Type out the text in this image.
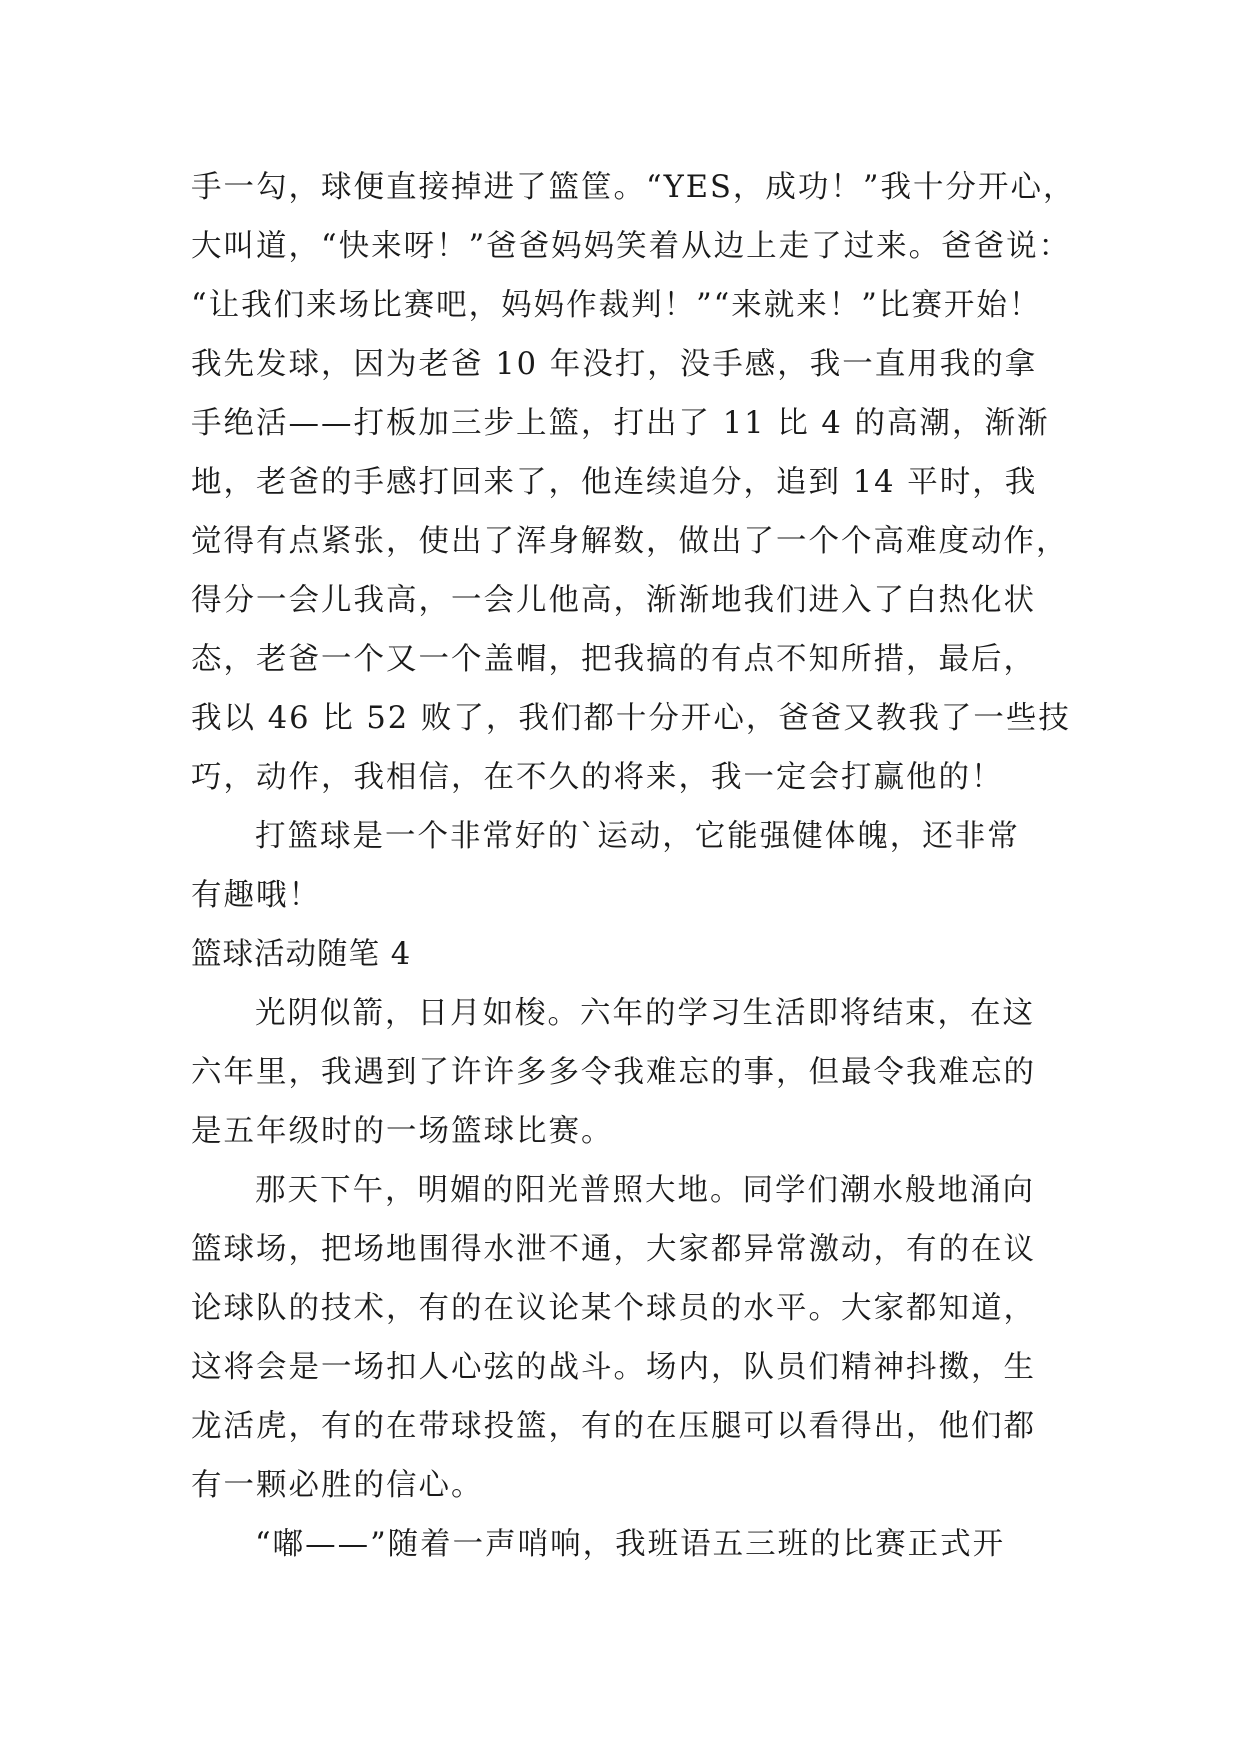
手一勾，球便直接掉进了篮筐。“YES，成功！”我十分开心，
大叫道，“快来呀！”爸爸妈妈笑着从边上走了过来。爸爸说：
“让我们来场比赛吧，妈妈作裁判！”“来就来！”比赛开始！
我先发球，因为老爸 10 年没打，没手感，我一直用我的拿
手绝活——打板加三步上篮，打出了 11 比 4 的高潮，渐渐
地，老爸的手感打回来了，他连续追分，追到 14 平时，我
觉得有点紧张，使出了浑身解数，做出了一个个高难度动作，
得分一会儿我高，一会儿他高，渐渐地我们进入了白热化状
态，老爸一个又一个盖帽，把我搞的有点不知所措，最后，
我以 46 比 52 败了，我们都十分开心，爸爸又教我了一些技
巧，动作，我相信，在不久的将来，我一定会打赢他的！
打篮球是一个非常好的`运动，它能强健体魄，还非常
有趣哦！
篮球活动随笔 4
光阴似箭，日月如梭。六年的学习生活即将结束，在这
六年里，我遇到了许许多多令我难忘的事，但最令我难忘的
是五年级时的一场篮球比赛。
那天下午，明媚的阳光普照大地。同学们潮水般地涌向
篮球场，把场地围得水泄不通，大家都异常激动，有的在议
论球队的技术，有的在议论某个球员的水平。大家都知道，
这将会是一场扣人心弦的战斗。场内，队员们精神抖擞，生
龙活虎，有的在带球投篮，有的在压腿可以看得出，他们都
有一颗必胜的信心。
“嘟——”随着一声哨响，我班语五三班的比赛正式开
